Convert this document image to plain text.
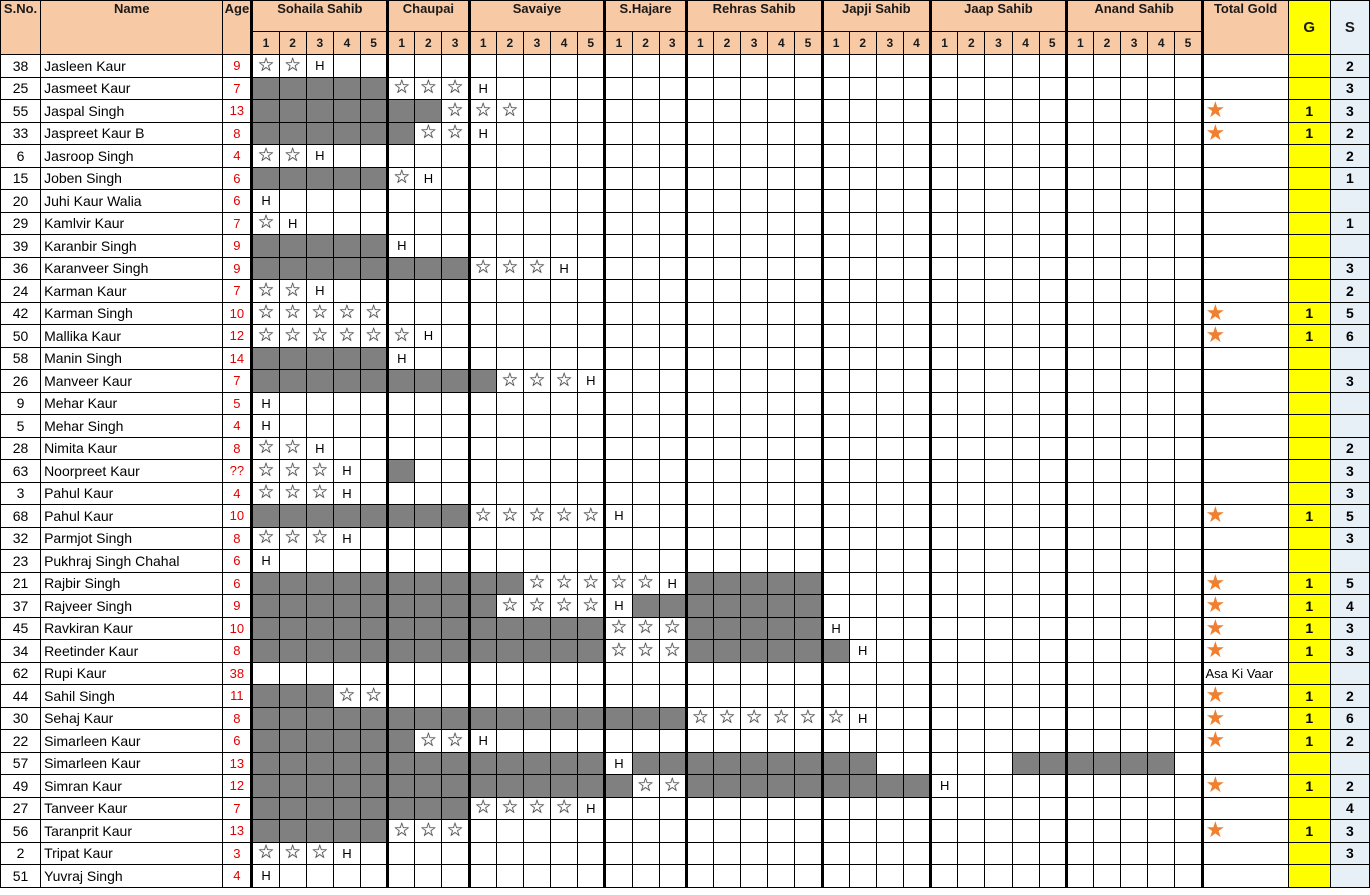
S.No.	Name	Age	Sohaila Sahib					Chaupai			Savaiye					S.Hajare			Rehras Sahib					Japji Sahib				Jaap Sahib					Anand Sahib					Total Gold	G	S
			1	2	3	4	5	1	2	3	1	2	3	4	5	1	2	3	1	2	3	4	5	1	2	3	4	1	2	3	4	5	1	2	3	4	5			
38	Jasleen Kaur	9	☆	☆	H																																			2
25	Jasmeet Kaur	7						☆	☆	☆	H																													3
55	Jaspal Singh	13								☆	☆	☆																										★	1	3
33	Jaspreet Kaur B	8							☆	☆	H																											★	1	2
6	Jasroop Singh	4	☆	☆	H																																			2
15	Joben Singh	6						☆	H																															1
20	Juhi Kaur Walia	6	H																																					

29	Kamlvir Kaur	7	☆	H																																				1
39	Karanbir Singh	9						H																																

36	Karanveer Singh	9									☆	☆	☆	H																										3
24	Karman Kaur	7	☆	☆	H																																			2
42	Karman Singh	10	☆	☆	☆	☆	☆																															★	1	5
50	Mallika Kaur	12	☆	☆	☆	☆	☆	☆	H																													★	1	6
58	Manin Singh	14						H																																

26	Manveer Kaur	7										☆	☆	☆	H																									3
9	Mehar Kaur	5	H																																					

5	Mehar Singh	4	H																																					

28	Nimita Kaur	8	☆	☆	H																																			2
63	Noorpreet Kaur	??	☆	☆	☆	H																																		3
3	Pahul Kaur	4	☆	☆	☆	H																																		3
68	Pahul Kaur	10									☆	☆	☆	☆	☆	H																						★	1	5
32	Parmjot Singh	8	☆	☆	☆	H																																		3
23	Pukhraj Singh Chahal	6	H																																					

21	Rajbir Singh	6											☆	☆	☆	☆	☆	H																				★	1	5
37	Rajveer Singh	9										☆	☆	☆	☆	H																						★	1	4
45	Ravkiran Kaur	10														☆	☆	☆						H														★	1	3
34	Reetinder Kaur	8														☆	☆	☆							H													★	1	3
62	Rupi Kaur	38																																				Asa Ki Vaar		
44	Sahil Singh	11				☆	☆																															★	1	2
30	Sehaj Kaur	8																	☆	☆	☆	☆	☆	☆	H													★	1	6
22	Simarleen Kaur	6							☆	☆	H																											★	1	2
57	Simarleen Kaur	13														H																								

49	Simran Kaur	12															☆	☆										H										★	1	2
27	Tanveer Kaur	7									☆	☆	☆	☆	H																									4
56	Taranprit Kaur	13						☆	☆	☆																												★	1	3
2	Tripat Kaur	3	☆	☆	☆	H																																		3
51	Yuvraj Singh	4	H																																					
